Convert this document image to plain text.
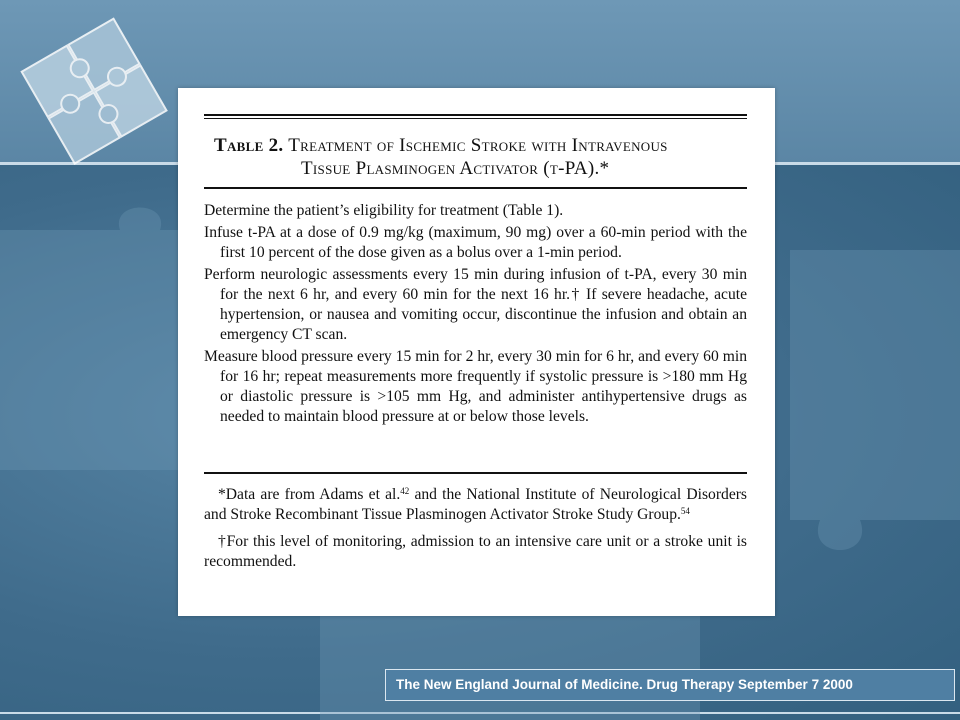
Table 2. Treatment of Ischemic Stroke with Intravenous
Tissue Plasminogen Activator (t-PA).*
Determine the patient’s eligibility for treatment (Table 1).
Infuse t-PA at a dose of 0.9 mg/kg (maximum, 90 mg) over a 60-min period with the first 10 percent of the dose given as a bolus over a 1-min period.
Perform neurologic assessments every 15 min during infusion of t-PA, every 30 min for the next 6 hr, and every 60 min for the next 16 hr.† If severe headache, acute hypertension, or nausea and vomiting occur, discontinue the infusion and obtain an emergency CT scan.
Measure blood pressure every 15 min for 2 hr, every 30 min for 6 hr, and every 60 min for 16 hr; repeat measurements more frequently if systolic pressure is >180 mm Hg or diastolic pressure is >105 mm Hg, and administer antihypertensive drugs as needed to maintain blood pressure at or below those levels.

*Data are from Adams et al.$^{42}$ and the National Institute of Neurological Disorders and Stroke Recombinant Tissue Plasminogen Activator Stroke Study Group.$^{54}$

†For this level of monitoring, admission to an intensive care unit or a stroke unit is recommended.

The New England Journal of Medicine. Drug Therapy September 7 2000
